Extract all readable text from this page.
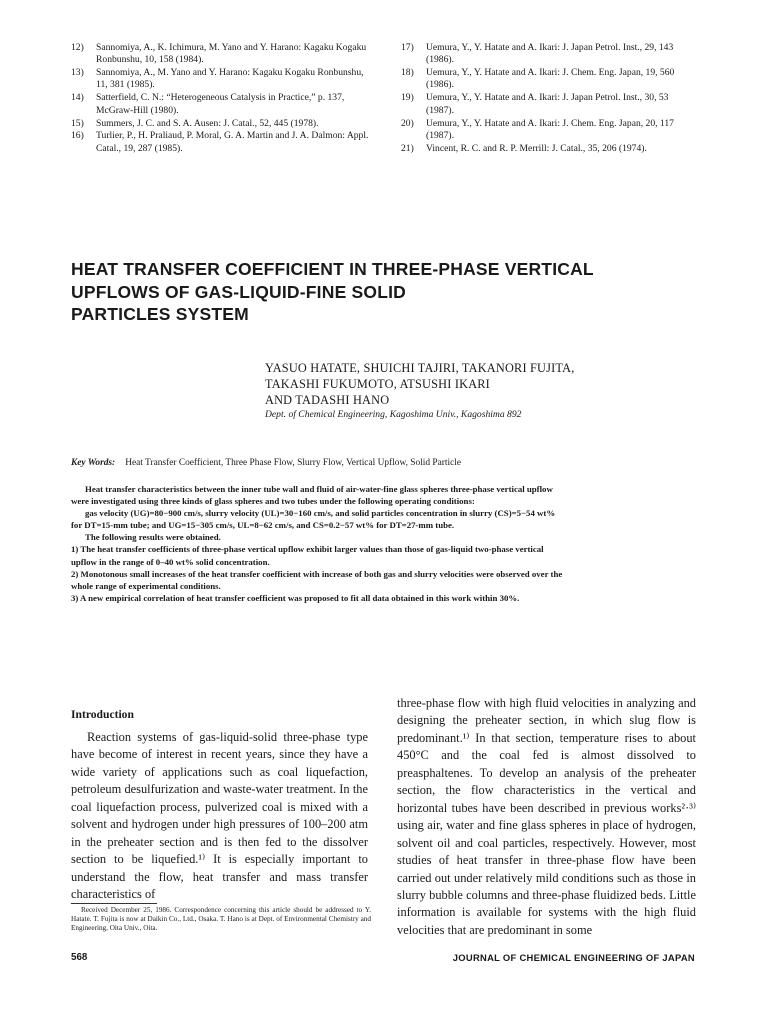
12)	Sannomiya, A., K. Ichimura, M. Yano and Y. Harano: Kagaku Kogaku Ronbunshu, 10, 158 (1984).
13)	Sannomiya, A., M. Yano and Y. Harano: Kagaku Kogaku Ronbunshu, 11, 381 (1985).
14)	Satterfield, C. N.: “Heterogeneous Catalysis in Practice,” p. 137, McGraw-Hill (1980).
15)	Summers, J. C. and S. A. Ausen: J. Catal., 52, 445 (1978).
16)	Turlier, P., H. Praliaud, P. Moral, G. A. Martin and J. A. Dalmon: Appl. Catal., 19, 287 (1985).
17)	Uemura, Y., Y. Hatate and A. Ikari: J. Japan Petrol. Inst., 29, 143 (1986).
18)	Uemura, Y., Y. Hatate and A. Ikari: J. Chem. Eng. Japan, 19, 560 (1986).
19)	Uemura, Y., Y. Hatate and A. Ikari: J. Japan Petrol. Inst., 30, 53 (1987).
20)	Uemura, Y., Y. Hatate and A. Ikari: J. Chem. Eng. Japan, 20, 117 (1987).
21)	Vincent, R. C. and R. P. Merrill: J. Catal., 35, 206 (1974).
HEAT TRANSFER COEFFICIENT IN THREE-PHASE VERTICAL
UPFLOWS OF GAS-LIQUID-FINE SOLID
PARTICLES SYSTEM
YASUO HATATE, SHUICHI TAJIRI, TAKANORI FUJITA,
TAKASHI FUKUMOTO, ATSUSHI IKARI
AND TADASHI HANO
Dept. of Chemical Engineering, Kagoshima Univ., Kagoshima 892
Key Words: Heat Transfer Coefficient, Three Phase Flow, Slurry Flow, Vertical Upflow, Solid Particle

Heat transfer characteristics between the inner tube wall and fluid of air-water-fine glass spheres three-phase vertical upflow were investigated using three kinds of glass spheres and two tubes under the following operating conditions:

gas velocity (UG)=80−900 cm/s, slurry velocity (UL)=30−160 cm/s, and solid particles concentration in slurry (CS)=5−54 wt% for DT=15-mm tube; and UG=15−305 cm/s, UL=8−62 cm/s, and CS=0.2−57 wt% for DT=27-mm tube.

The following results were obtained.

1) The heat transfer coefficients of three-phase vertical upflow exhibit larger values than those of gas-liquid two-phase vertical upflow in the range of 0–40 wt% solid concentration.

2) Monotonous small increases of the heat transfer coefficient with increase of both gas and slurry velocities were observed over the whole range of experimental conditions.

3) A new empirical correlation of heat transfer coefficient was proposed to fit all data obtained in this work within 30%.

Introduction
Reaction systems of gas-liquid-solid three-phase type have become of interest in recent years, since they have a wide variety of applications such as coal liquefaction, petroleum desulfurization and waste-water treatment. In the coal liquefaction process, pulverized coal is mixed with a solvent and hydrogen under high pressures of 100–200 atm in the preheater section and is then fed to the dissolver section to be liquefied.¹⁾ It is especially important to understand the flow, heat transfer and mass transfer characteristics of
three-phase flow with high fluid velocities in analyzing and designing the preheater section, in which slug flow is predominant.¹⁾ In that section, temperature rises to about 450°C and the coal fed is almost dissolved to preasphaltenes. To develop an analysis of the preheater section, the flow characteristics in the vertical and horizontal tubes have been described in previous works²·³⁾ using air, water and fine glass spheres in place of hydrogen, solvent oil and coal particles, respectively. However, most studies of heat transfer in three-phase flow have been carried out under relatively mild conditions such as those in slurry bubble columns and three-phase fluidized beds. Little information is available for systems with the high fluid velocities that are predominant in some
Received December 25, 1986. Correspondence concerning this article should be addressed to Y. Hatate. T. Fujita is now at Daikin Co., Ltd., Osaka. T. Hano is at Dept. of Environmental Chemistry and Engineering, Oita Univ., Oita.
568	JOURNAL OF CHEMICAL ENGINEERING OF JAPAN
